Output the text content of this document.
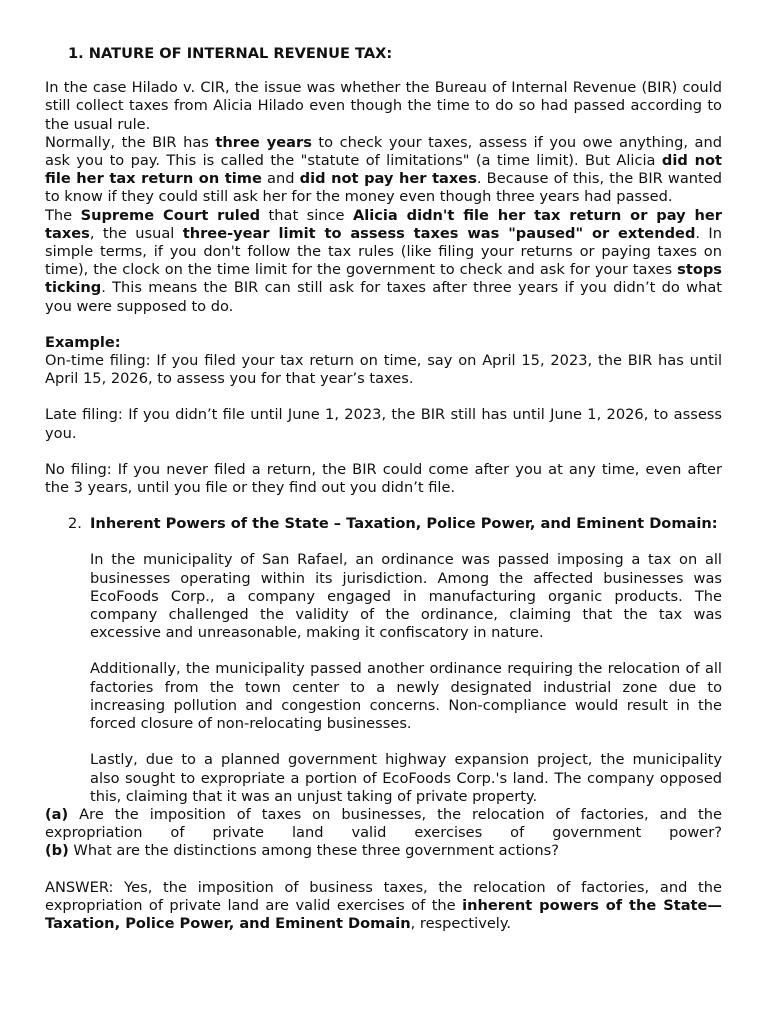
1. NATURE OF INTERNAL REVENUE TAX:

In the case Hilado v. CIR, the issue was whether the Bureau of Internal Revenue (BIR) could still collect taxes from Alicia Hilado even though the time to do so had passed according to the usual rule.

Normally, the BIR has three years to check your taxes, assess if you owe anything, and ask you to pay. This is called the "statute of limitations" (a time limit). But Alicia did not file her tax return on time and did not pay her taxes. Because of this, the BIR wanted to know if they could still ask her for the money even though three years had passed.

The Supreme Court ruled that since Alicia didn't file her tax return or pay her taxes, the usual three-year limit to assess taxes was "paused" or extended. In simple terms, if you don't follow the tax rules (like filing your returns or paying taxes on time), the clock on the time limit for the government to check and ask for your taxes stops ticking. This means the BIR can still ask for taxes after three years if you didn’t do what you were supposed to do.

Example:

On-time filing: If you filed your tax return on time, say on April 15, 2023, the BIR has until April 15, 2026, to assess you for that year’s taxes.

Late filing: If you didn’t file until June 1, 2023, the BIR still has until June 1, 2026, to assess you.

No filing: If you never filed a return, the BIR could come after you at any time, even after the 3 years, until you file or they find out you didn’t file.

2. Inherent Powers of the State – Taxation, Police Power, and Eminent Domain:

In the municipality of San Rafael, an ordinance was passed imposing a tax on all businesses operating within its jurisdiction. Among the affected businesses was EcoFoods Corp., a company engaged in manufacturing organic products. The company challenged the validity of the ordinance, claiming that the tax was excessive and unreasonable, making it confiscatory in nature.

Additionally, the municipality passed another ordinance requiring the relocation of all factories from the town center to a newly designated industrial zone due to increasing pollution and congestion concerns. Non-compliance would result in the forced closure of non-relocating businesses.

Lastly, due to a planned government highway expansion project, the municipality also sought to expropriate a portion of EcoFoods Corp.'s land. The company opposed this, claiming that it was an unjust taking of private property.

(a) Are the imposition of taxes on businesses, the relocation of factories, and the expropriation of private land valid exercises of government power?

(b) What are the distinctions among these three government actions?

ANSWER: Yes, the imposition of business taxes, the relocation of factories, and the expropriation of private land are valid exercises of the inherent powers of the State—Taxation, Police Power, and Eminent Domain, respectively.
